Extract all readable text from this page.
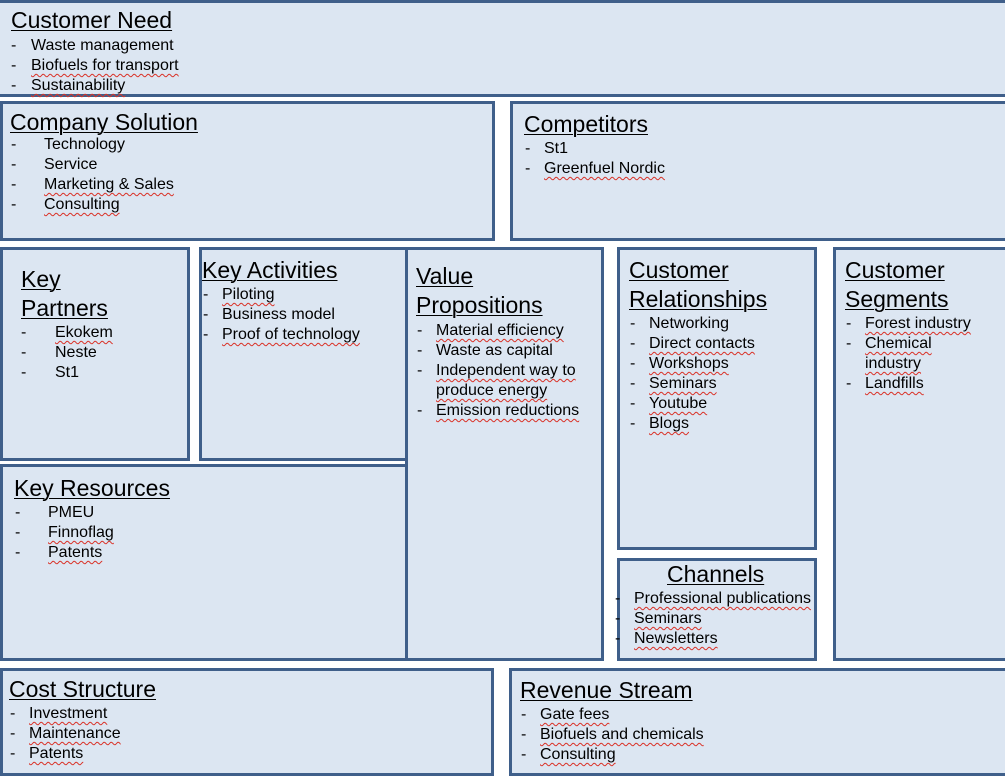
Customer Need
- Waste management
- Biofuels for transport
- Sustainability
Company Solution
- Technology
- Service
- Marketing & Sales
- Consulting
Competitors
- St1
- Greenfuel Nordic
Key
Partners
- Ekokem
- Neste
- St1
Key Activities
- Piloting
- Business model
- Proof of technology
Value
Propositions
- Material efficiency
- Waste as capital
- Independent way to
produce energy
- Emission reductions
Customer
Relationships
- Networking
- Direct contacts
- Workshops
- Seminars
- Youtube
- Blogs
Customer
Segments
- Forest industry
- Chemical
industry
- Landfills
Key Resources
- PMEU
- Finnoflag
- Patents
Channels
- Professional publications
- Seminars
- Newsletters
Cost Structure
- Investment
- Maintenance
- Patents
Revenue Stream
- Gate fees
- Biofuels and chemicals
- Consulting
